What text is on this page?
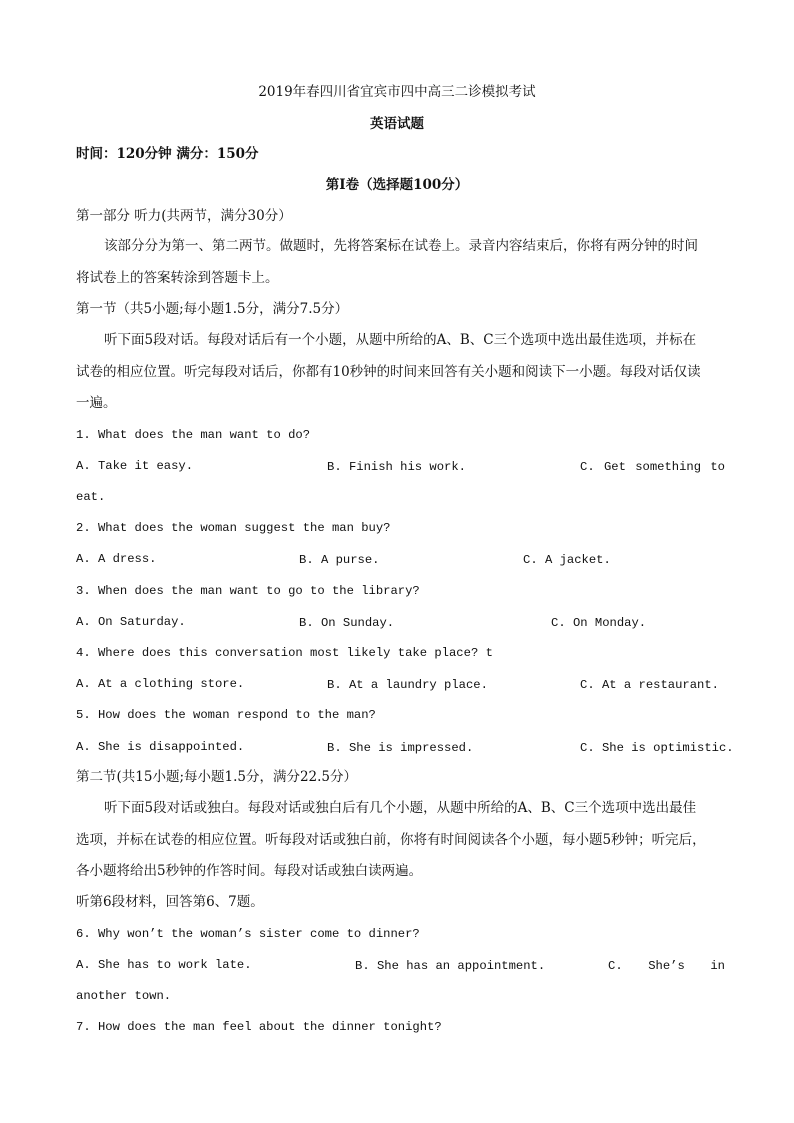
2019年春四川省宜宾市四中高三二诊模拟考试
英语试题
时间：120分钟 满分：150分
第I卷（选择题100分）
第一部分 听力(共两节，满分30分）
该部分分为第一、第二两节。做题时，先将答案标在试卷上。录音内容结束后，你将有两分钟的时间
将试卷上的答案转涂到答题卡上。
第一节（共5小题;每小题1.5分，满分7.5分）
听下面5段对话。每段对话后有一个小题，从题中所给的A、B、C三个选项中选出最佳选项，并标在
试卷的相应位置。听完每段对话后，你都有10秒钟的时间来回答有关小题和阅读下一小题。每段对话仅读
一遍。
1. What does the man want to do?
A. Take it easy.	B. Finish his work.	C. Get something to
eat.
2. What does the woman suggest the man buy?
A. A dress.	B. A purse.	C. A jacket.
3. When does the man want to go to the library?
A. On Saturday.	B. On Sunday.	C. On Monday.
4. Where does this conversation most likely take place? t
A. At a clothing store.	B. At a laundry place.	C. At a restaurant.
5. How does the woman respond to the man?
A. She is disappointed.	B. She is impressed.	C. She is optimistic.
第二节(共15小题;每小题1.5分，满分22.5分）
听下面5段对话或独白。每段对话或独白后有几个小题，从题中所给的A、B、C三个选项中选出最佳
选项，并标在试卷的相应位置。听每段对话或独白前，你将有时间阅读各个小题，每小题5秒钟；听完后，
各小题将给出5秒钟的作答时间。每段对话或独白读两遍。
听第6段材料，回答第6、7题。
6. Why won’t the woman’s sister come to dinner?
A. She has to work late.	B. She has an appointment.	C. She’s in
another town.
7. How does the man feel about the dinner tonight?
